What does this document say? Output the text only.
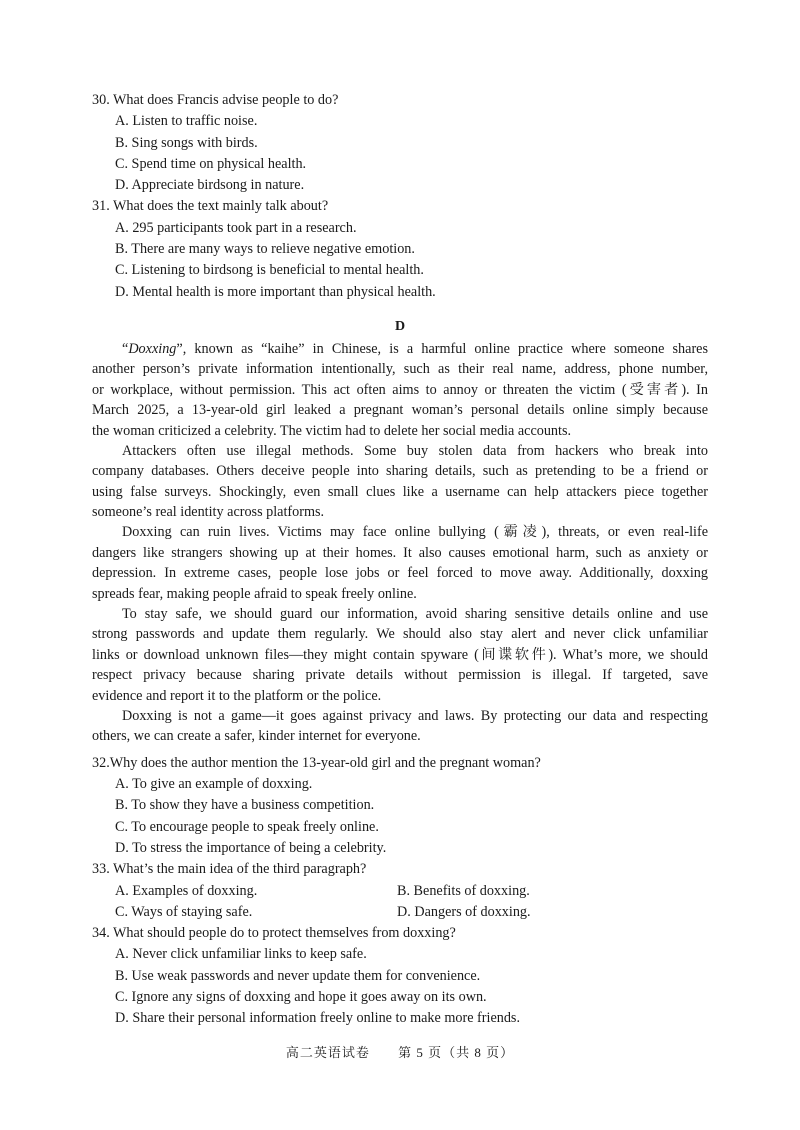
30. What does Francis advise people to do?
A. Listen to traffic noise.
B. Sing songs with birds.
C. Spend time on physical health.
D. Appreciate birdsong in nature.
31. What does the text mainly talk about?
A. 295 participants took part in a research.
B. There are many ways to relieve negative emotion.
C. Listening to birdsong is beneficial to mental health.
D. Mental health is more important than physical health.
D
“Doxxing”, known as “kaihe” in Chinese, is a harmful online practice where someone shares
another person’s private information intentionally, such as their real name, address, phone number,
or workplace, without permission. This act often aims to annoy or threaten the victim (受害者). In
March 2025, a 13-year-old girl leaked a pregnant woman’s personal details online simply because
the woman criticized a celebrity. The victim had to delete her social media accounts.
Attackers often use illegal methods. Some buy stolen data from hackers who break into
company databases. Others deceive people into sharing details, such as pretending to be a friend or
using false surveys. Shockingly, even small clues like a username can help attackers piece together
someone’s real identity across platforms.
Doxxing can ruin lives. Victims may face online bullying (霸凌), threats, or even real-life
dangers like strangers showing up at their homes. It also causes emotional harm, such as anxiety or
depression. In extreme cases, people lose jobs or feel forced to move away. Additionally, doxxing
spreads fear, making people afraid to speak freely online.
To stay safe, we should guard our information, avoid sharing sensitive details online and use
strong passwords and update them regularly. We should also stay alert and never click unfamiliar
links or download unknown files—they might contain spyware (间谍软件). What’s more, we should
respect privacy because sharing private details without permission is illegal. If targeted, save
evidence and report it to the platform or the police.
Doxxing is not a game—it goes against privacy and laws. By protecting our data and respecting
others, we can create a safer, kinder internet for everyone.
32.Why does the author mention the 13-year-old girl and the pregnant woman?
A. To give an example of doxxing.
B. To show they have a business competition.
C. To encourage people to speak freely online.
D. To stress the importance of being a celebrity.
33. What’s the main idea of the third paragraph?
A. Examples of doxxing.	B. Benefits of doxxing.
C. Ways of staying safe.	D. Dangers of doxxing.
34. What should people do to protect themselves from doxxing?
A. Never click unfamiliar links to keep safe.
B. Use weak passwords and never update them for convenience.
C. Ignore any signs of doxxing and hope it goes away on its own.
D. Share their personal information freely online to make more friends.
高二英语试卷 第 5 页（共 8 页）
